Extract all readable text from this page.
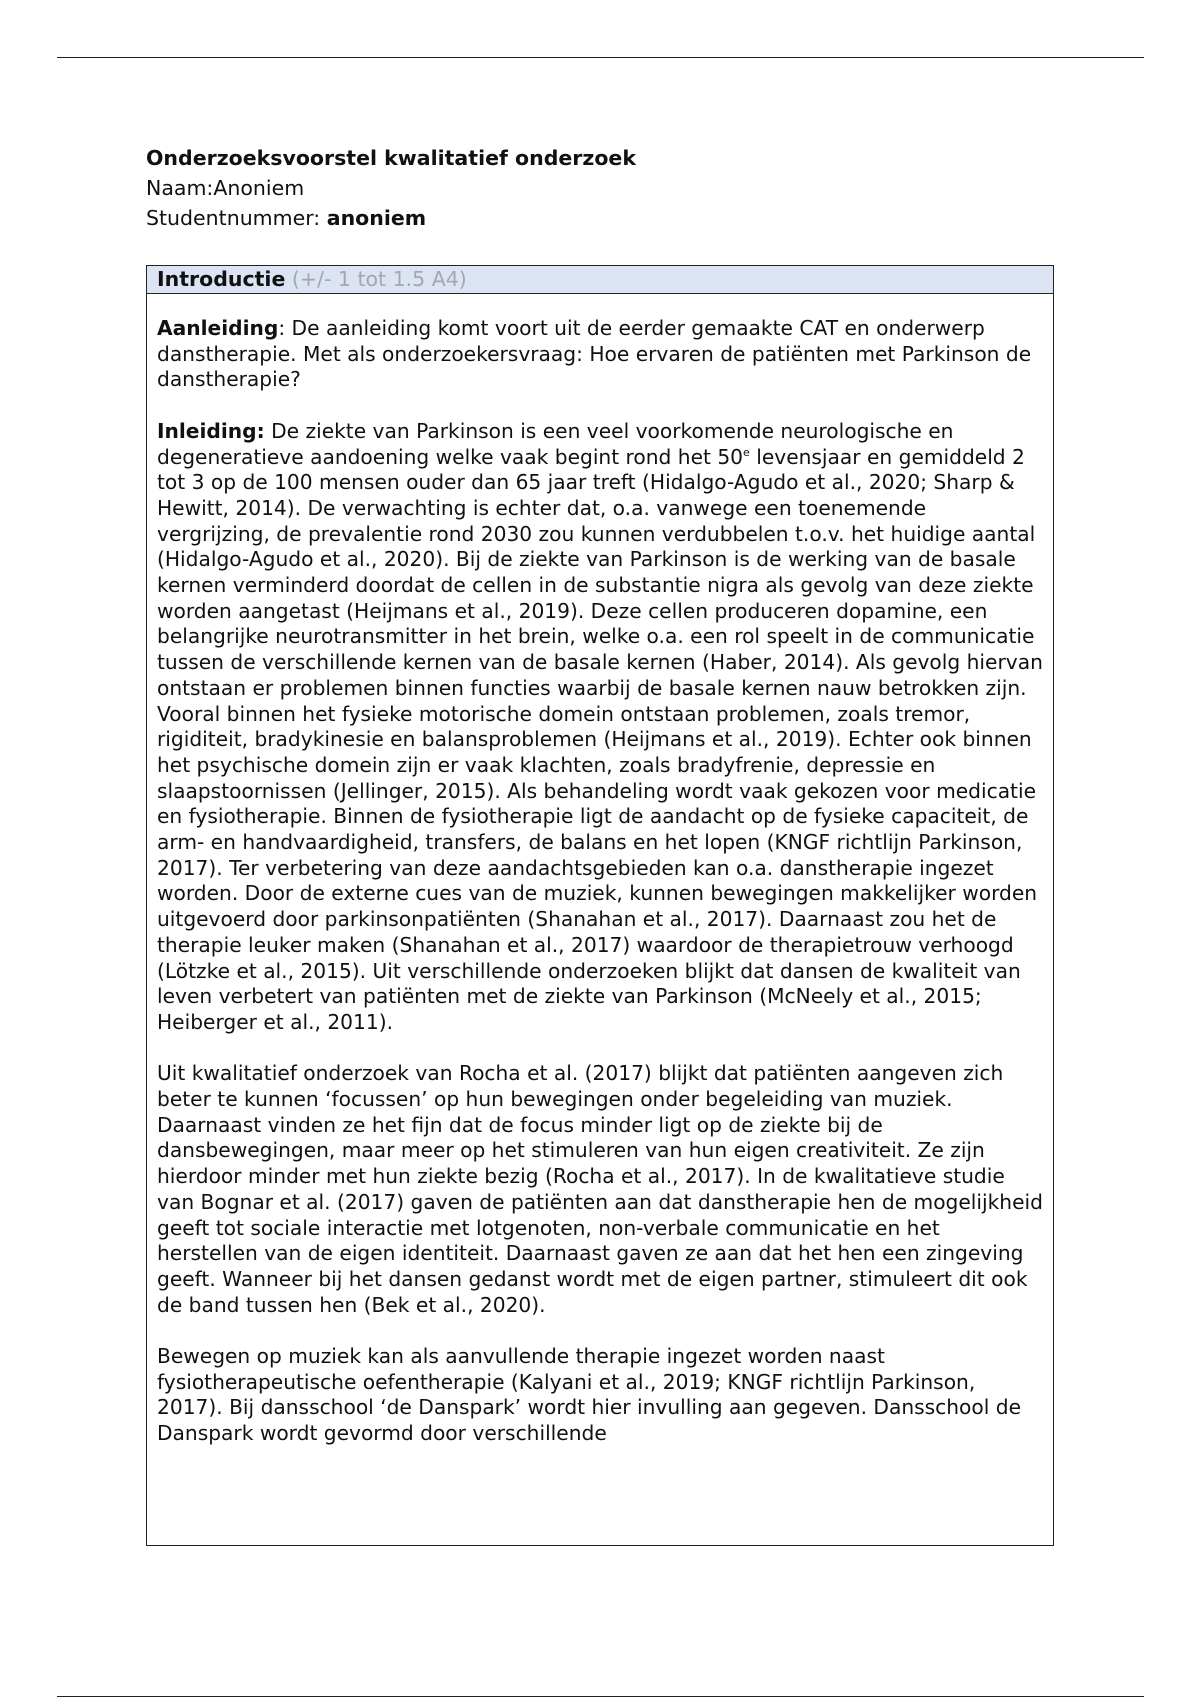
Onderzoeksvoorstel kwalitatief onderzoek
Naam:Anoniem
Studentnummer: anoniem
Introductie (+/- 1 tot 1.5 A4)

Aanleiding: De aanleiding komt voort uit de eerder gemaakte CAT en onderwerp danstherapie. Met als onderzoekersvraag: Hoe ervaren de patiënten met Parkinson de danstherapie?

Inleiding: De ziekte van Parkinson is een veel voorkomende neurologische en degeneratieve aandoening welke vaak begint rond het 50e levensjaar en gemiddeld 2 tot 3 op de 100 mensen ouder dan 65 jaar treft (Hidalgo-Agudo et al., 2020; Sharp & Hewitt, 2014). De verwachting is echter dat, o.a. vanwege een toenemende vergrijzing, de prevalentie rond 2030 zou kunnen verdubbelen t.o.v. het huidige aantal (Hidalgo-Agudo et al., 2020). Bij de ziekte van Parkinson is de werking van de basale kernen verminderd doordat de cellen in de substantie nigra als gevolg van deze ziekte worden aangetast (Heijmans et al., 2019). Deze cellen produceren dopamine, een belangrijke neurotransmitter in het brein, welke o.a. een rol speelt in de communicatie tussen de verschillende kernen van de basale kernen (Haber, 2014). Als gevolg hiervan ontstaan er problemen binnen functies waarbij de basale kernen nauw betrokken zijn. Vooral binnen het fysieke motorische domein ontstaan problemen, zoals tremor, rigiditeit, bradykinesie en balansproblemen (Heijmans et al., 2019). Echter ook binnen het psychische domein zijn er vaak klachten, zoals bradyfrenie, depressie en slaapstoornissen (Jellinger, 2015). Als behandeling wordt vaak gekozen voor medicatie en fysiotherapie. Binnen de fysiotherapie ligt de aandacht op de fysieke capaciteit, de arm- en handvaardigheid, transfers, de balans en het lopen (KNGF richtlijn Parkinson, 2017). Ter verbetering van deze aandachtsgebieden kan o.a. danstherapie ingezet worden. Door de externe cues van de muziek, kunnen bewegingen makkelijker worden uitgevoerd door parkinsonpatiënten (Shanahan et al., 2017). Daarnaast zou het de therapie leuker maken (Shanahan et al., 2017) waardoor de therapietrouw verhoogd (Lötzke et al., 2015). Uit verschillende onderzoeken blijkt dat dansen de kwaliteit van leven verbetert van patiënten met de ziekte van Parkinson (McNeely et al., 2015; Heiberger et al., 2011).

Uit kwalitatief onderzoek van Rocha et al. (2017) blijkt dat patiënten aangeven zich beter te kunnen ‘focussen’ op hun bewegingen onder begeleiding van muziek. Daarnaast vinden ze het fijn dat de focus minder ligt op de ziekte bij de dansbewegingen, maar meer op het stimuleren van hun eigen creativiteit. Ze zijn hierdoor minder met hun ziekte bezig (Rocha et al., 2017). In de kwalitatieve studie van Bognar et al. (2017) gaven de patiënten aan dat danstherapie hen de mogelijkheid geeft tot sociale interactie met lotgenoten, non-verbale communicatie en het herstellen van de eigen identiteit. Daarnaast gaven ze aan dat het hen een zingeving geeft. Wanneer bij het dansen gedanst wordt met de eigen partner, stimuleert dit ook de band tussen hen (Bek et al., 2020).

Bewegen op muziek kan als aanvullende therapie ingezet worden naast fysiotherapeutische oefentherapie (Kalyani et al., 2019; KNGF richtlijn Parkinson, 2017). Bij dansschool ‘de Danspark’ wordt hier invulling aan gegeven. Dansschool de Danspark wordt gevormd door verschillende
